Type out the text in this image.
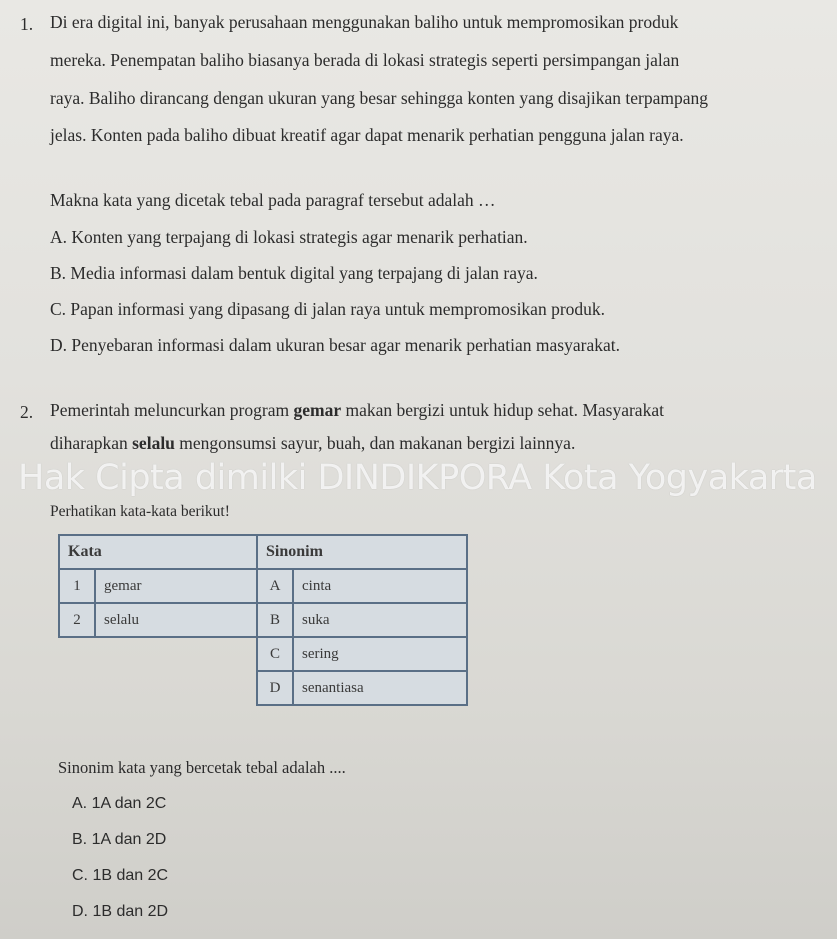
1. Di era digital ini, banyak perusahaan menggunakan baliho untuk mempromosikan produk
mereka. Penempatan baliho biasanya berada di lokasi strategis seperti persimpangan jalan
raya. Baliho dirancang dengan ukuran yang besar sehingga konten yang disajikan terpampang
jelas. Konten pada baliho dibuat kreatif agar dapat menarik perhatian pengguna jalan raya.
Makna kata yang dicetak tebal pada paragraf tersebut adalah …
A. Konten yang terpajang di lokasi strategis agar menarik perhatian.
B. Media informasi dalam bentuk digital yang terpajang di jalan raya.
C. Papan informasi yang dipasang di jalan raya untuk mempromosikan produk.
D. Penyebaran informasi dalam ukuran besar agar menarik perhatian masyarakat.
2. Pemerintah meluncurkan program gemar makan bergizi untuk hidup sehat. Masyarakat
diharapkan selalu mengonsumsi sayur, buah, dan makanan bergizi lainnya.
Hak Cipta dimilki DINDIKPORA Kota Yogyakarta
Perhatikan kata-kata berikut!
Kata		Sinonim	
1	gemar	A	cinta
2	selalu	B	suka
		C	sering
		D	senantiasa
Sinonim kata yang bercetak tebal adalah ....
A. 1A dan 2C
B. 1A dan 2D
C. 1B dan 2C
D. 1B dan 2D
